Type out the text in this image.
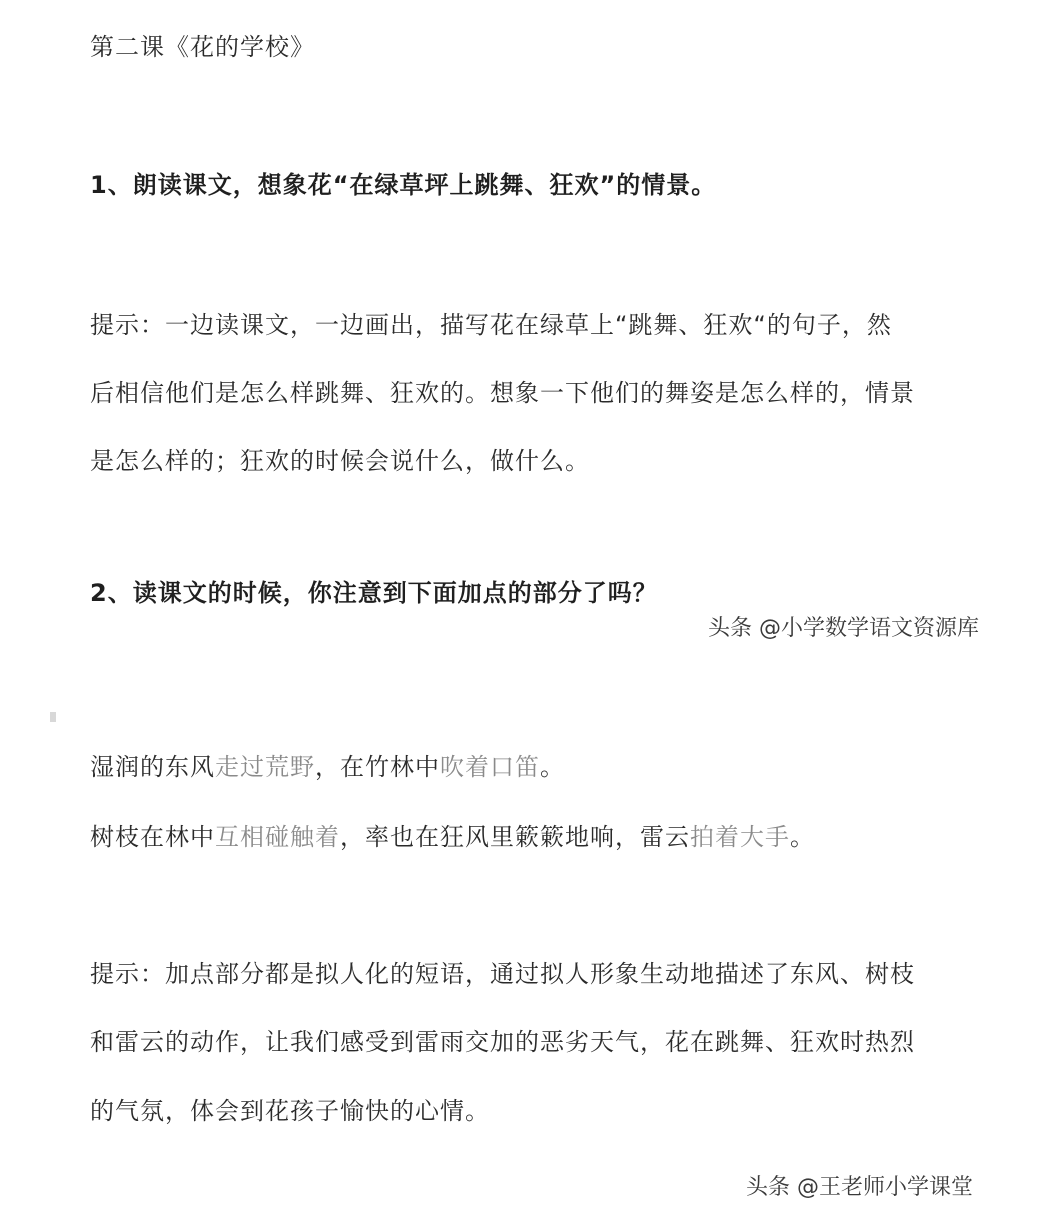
第二课《花的学校》
1、朗读课文，想象花“在绿草坪上跳舞、狂欢”的情景。
提示：一边读课文，一边画出，描写花在绿草上“跳舞、狂欢“的句子，然
后相信他们是怎么样跳舞、狂欢的。想象一下他们的舞姿是怎么样的，情景
是怎么样的；狂欢的时候会说什么，做什么。
2、读课文的时候，你注意到下面加点的部分了吗？
头条 @小学数学语文资源库
湿润的东风走过荒野，在竹林中吹着口笛。
树枝在林中互相碰触着，率也在狂风里簌簌地响，雷云拍着大手。
提示：加点部分都是拟人化的短语，通过拟人形象生动地描述了东风、树枝
和雷云的动作，让我们感受到雷雨交加的恶劣天气，花在跳舞、狂欢时热烈
的气氛，体会到花孩子愉快的心情。
头条 @王老师小学课堂
